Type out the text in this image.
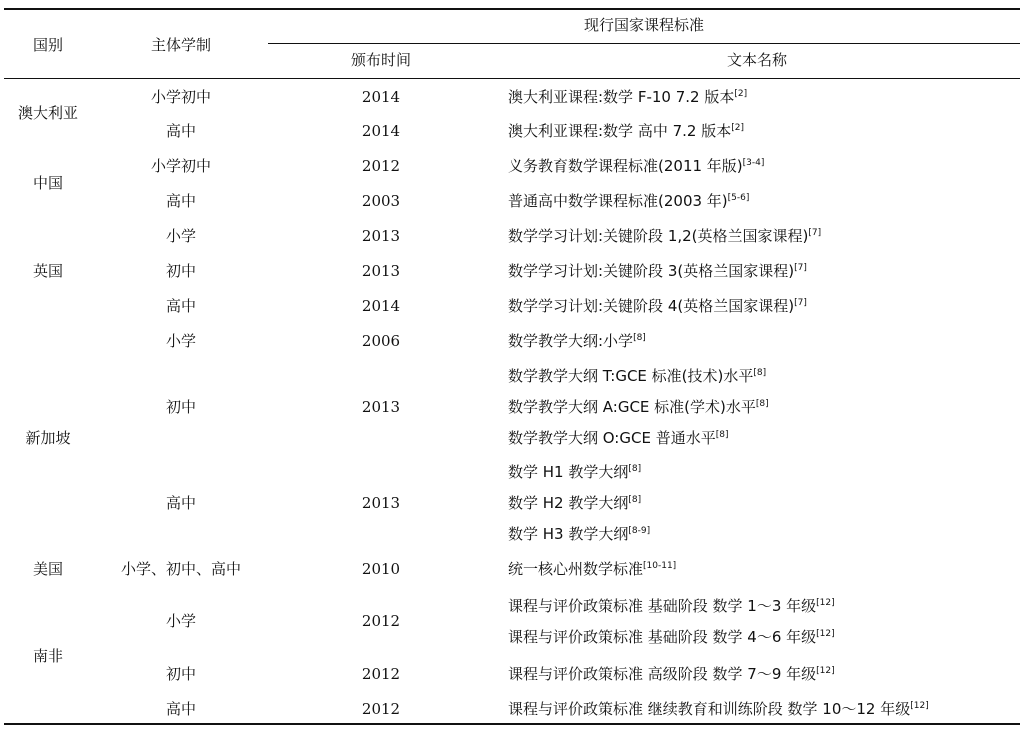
国别	主体学制
现行国家课程标准
颁布时间	文本名称
澳大利亚
中国
英国
新加坡
美国
南非
小学初中
高中
小学初中
高中
小学
初中
高中
小学
初中
高中
小学、初中、高中
小学
初中
高中
2014
2014
2012
2003
2013
2013
2014
2006
2013
2013
2010
2012
2012
2012
澳大利亚课程:数学 F-10 7.2 版本[2]
澳大利亚课程:数学 高中 7.2 版本[2]
义务教育数学课程标准(2011 年版)[3-4]
普通高中数学课程标准(2003 年)[5-6]
数学学习计划:关键阶段 1,2(英格兰国家课程)[7]
数学学习计划:关键阶段 3(英格兰国家课程)[7]
数学学习计划:关键阶段 4(英格兰国家课程)[7]
数学教学大纲:小学[8]
数学教学大纲 T:GCE 标准(技术)水平[8]
数学教学大纲 A:GCE 标准(学术)水平[8]
数学教学大纲 O:GCE 普通水平[8]
数学 H1 教学大纲[8]
数学 H2 教学大纲[8]
数学 H3 教学大纲[8-9]
统一核心州数学标准[10-11]
课程与评价政策标准 基础阶段 数学 1～3 年级[12]
课程与评价政策标准 基础阶段 数学 4～6 年级[12]
课程与评价政策标准 高级阶段 数学 7～9 年级[12]
课程与评价政策标准 继续教育和训练阶段 数学 10～12 年级[12]
